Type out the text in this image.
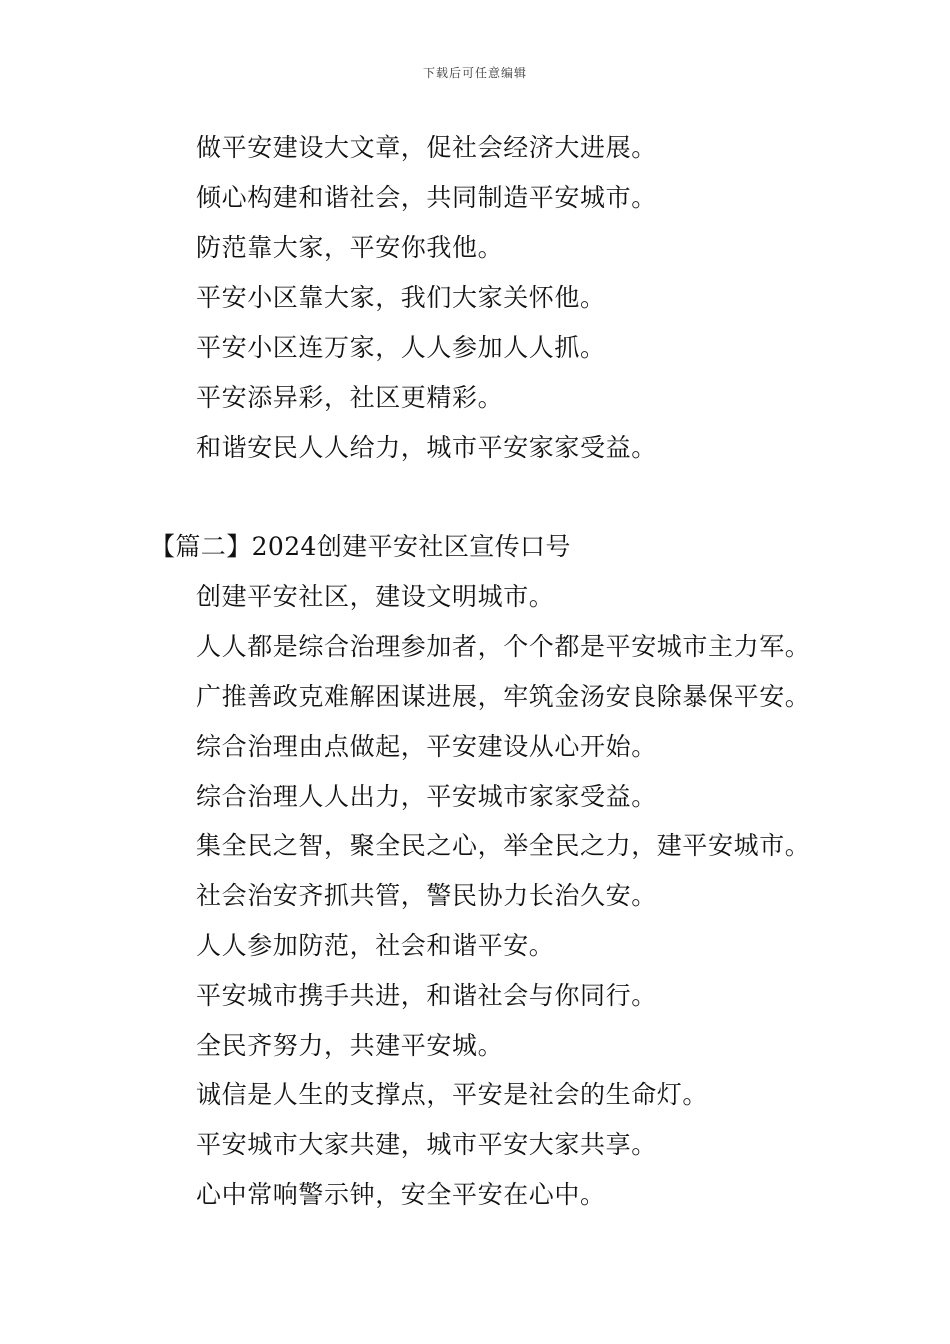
下载后可任意编辑
做平安建设大文章，促社会经济大进展。
倾心构建和谐社会，共同制造平安城市。
防范靠大家，平安你我他。
平安小区靠大家，我们大家关怀他。
平安小区连万家，人人参加人人抓。
平安添异彩，社区更精彩。
和谐安民人人给力，城市平安家家受益。
【篇二】2024创建平安社区宣传口号
创建平安社区，建设文明城市。
人人都是综合治理参加者，个个都是平安城市主力军。
广推善政克难解困谋进展，牢筑金汤安良除暴保平安。
综合治理由点做起，平安建设从心开始。
综合治理人人出力，平安城市家家受益。
集全民之智，聚全民之心，举全民之力，建平安城市。
社会治安齐抓共管，警民协力长治久安。
人人参加防范，社会和谐平安。
平安城市携手共进，和谐社会与你同行。
全民齐努力，共建平安城。
诚信是人生的支撑点，平安是社会的生命灯。
平安城市大家共建，城市平安大家共享。
心中常响警示钟，安全平安在心中。
